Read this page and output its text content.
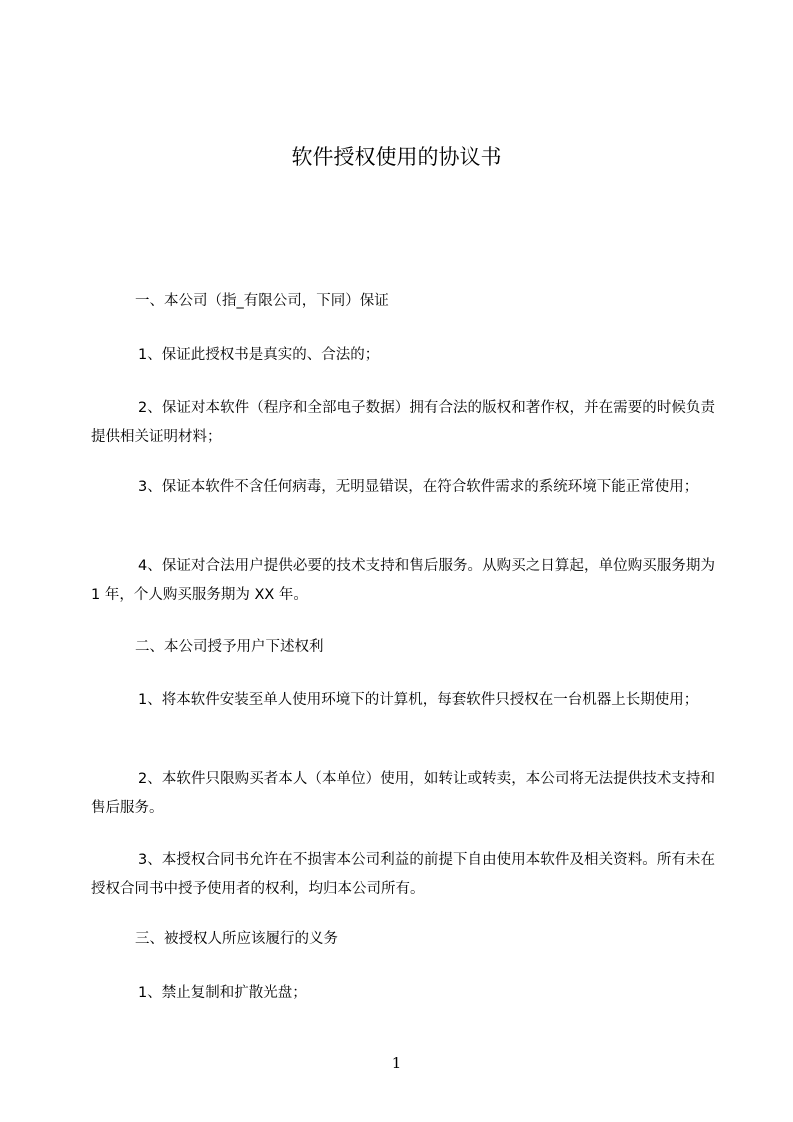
软件授权使用的协议书

一、本公司（指_有限公司，下同）保证

1、保证此授权书是真实的、合法的；

2、保证对本软件（程序和全部电子数据）拥有合法的版权和著作权，并在需要的时候负责提供相关证明材料；

3、保证本软件不含任何病毒，无明显错误，在符合软件需求的系统环境下能正常使用；

4、保证对合法用户提供必要的技术支持和售后服务。从购买之日算起，单位购买服务期为 1 年，个人购买服务期为 XX 年。

二、本公司授予用户下述权利

1、将本软件安装至单人使用环境下的计算机，每套软件只授权在一台机器上长期使用；

2、本软件只限购买者本人（本单位）使用，如转让或转卖，本公司将无法提供技术支持和售后服务。

3、本授权合同书允许在不损害本公司利益的前提下自由使用本软件及相关资料。所有未在授权合同书中授予使用者的权利，均归本公司所有。

三、被授权人所应该履行的义务

1、禁止复制和扩散光盘；

1
